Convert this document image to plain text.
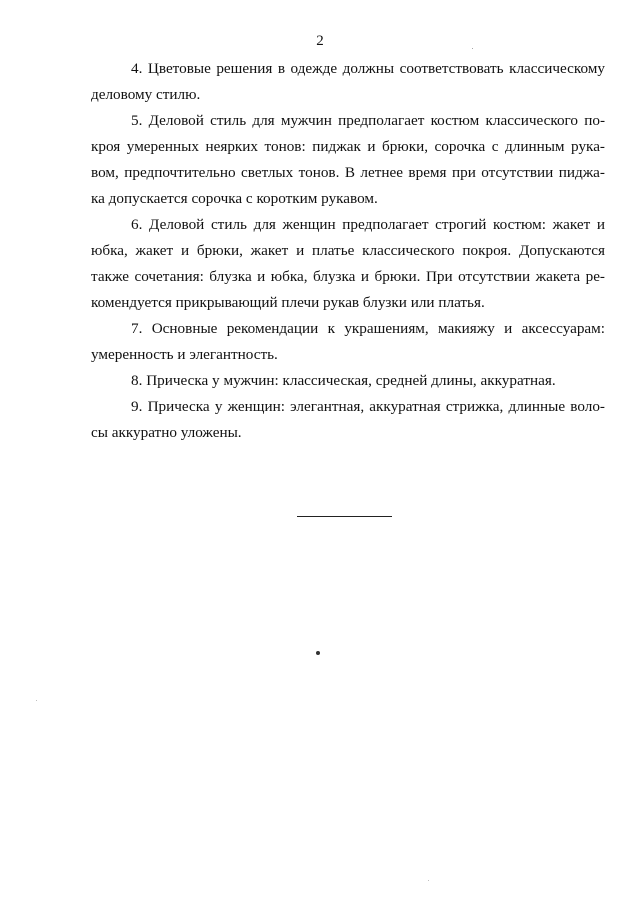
2
4. Цветовые решения в одежде должны соответствовать классическому
деловому стилю.
5. Деловой стиль для мужчин предполагает костюм классического по-
кроя умеренных неярких тонов: пиджак и брюки, сорочка с длинным рука-
вом, предпочтительно светлых тонов. В летнее время при отсутствии пиджа-
ка допускается сорочка с коротким рукавом.
6. Деловой стиль для женщин предполагает строгий костюм: жакет и
юбка, жакет и брюки, жакет и платье классического покроя. Допускаются
также сочетания: блузка и юбка, блузка и брюки. При отсутствии жакета ре-
комендуется прикрывающий плечи рукав блузки или платья.
7. Основные рекомендации к украшениям, макияжу и аксессуарам:
умеренность и элегантность.
8. Прическа у мужчин: классическая, средней длины, аккуратная.
9. Прическа у женщин: элегантная, аккуратная стрижка, длинные воло-
сы аккуратно уложены.
